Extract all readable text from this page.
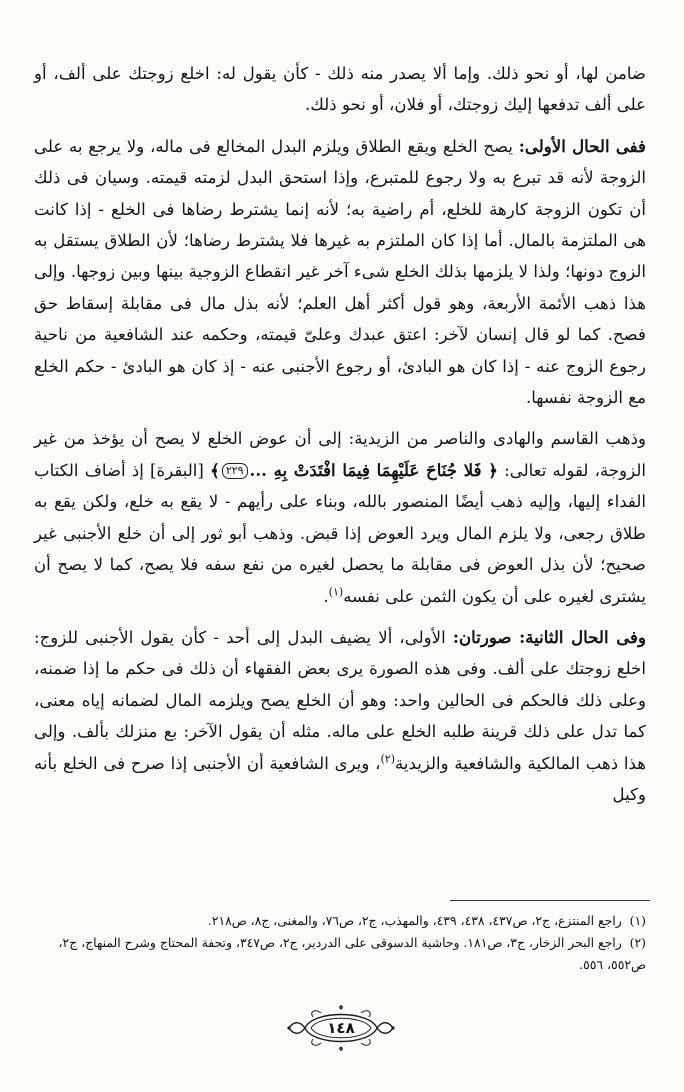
ضامن لها، أو نحو ذلك. وإما ألا يصدر منه ذلك - كأن يقول له: اخلع زوجتك على ألف، أو على ألف تدفعها إليك زوجتك، أو فلان، أو نحو ذلك.

ففى الحال الأولى: يصح الخلع ويقع الطلاق ويلزم البدل المخالع فى ماله، ولا يرجع به على الزوجة لأنه قد تبرع به ولا رجوع للمتبرع، وإذا استحق البدل لزمته قيمته. وسيان فى ذلك أن تكون الزوجة كارهة للخلع، أم راضية به؛ لأنه إنما يشترط رضاها فى الخلع - إذا كانت هى الملتزمة بالمال. أما إذا كان الملتزم به غيرها فلا يشترط رضاها؛ لأن الطلاق يستقل به الزوج دونها؛ ولذا لا يلزمها بذلك الخلع شىء آخر غير انقطاع الزوجية بينها وبين زوجها. وإلى هذا ذهب الأئمة الأربعة، وهو قول أكثر أهل العلم؛ لأنه بذل مال فى مقابلة إسقاط حق فصح. كما لو قال إنسان لآخر: اعتق عبدك وعلىّ قيمته، وحكمه عند الشافعية من ناحية رجوع الزوج عنه - إذا كان هو البادئ، أو رجوع الأجنبى عنه - إذ كان هو البادئ - حكم الخلع مع الزوجة نفسها.

وذهب القاسم والهادى والناصر من الزيدية: إلى أن عوض الخلع لا يصح أن يؤخذ من غير الزوجة، لقوله تعالى: ﴿ فَلا جُنَاحَ عَلَيْهِمَا فِيمَا افْتَدَتْ بِهِ ...٢٢٩﴾ [البقرة] إذ أضاف الكتاب الفداء إليها، وإليه ذهب أيضًا المنصور بالله، وبناء على رأيهم - لا يقع به خلع، ولكن يقع به طلاق رجعى، ولا يلزم المال ويرد العوض إذا قبض. وذهب أبو ثور إلى أن خلع الأجنبى غير صحيح؛ لأن بذل العوض فى مقابلة ما يحصل لغيره من نفع سفه فلا يصح، كما لا يصح أن يشترى لغيره على أن يكون الثمن على نفسه$^{(١)}$.

وفى الحال الثانية: صورتان: الأولى، ألا يضيف البدل إلى أحد - كأن يقول الأجنبى للزوج: اخلع زوجتك على ألف. وفى هذه الصورة يرى بعض الفقهاء أن ذلك فى حكم ما إذا ضمنه، وعلى ذلك فالحكم فى الحالين واحد: وهو أن الخلع يصح ويلزمه المال لضمانه إياه معنى، كما تدل على ذلك قرينة طلبه الخلع على ماله. مثله أن يقول الآخر: بع منزلك بألف. وإلى هذا ذهب المالكية والشافعية والزيدية$^{(٢)}$، ويرى الشافعية أن الأجنبى إذا صرح فى الخلع بأنه وكيل

(١) راجع المنتزع، ج٢، ص٤٣٧، ٤٣٨، ٤٣٩، والمهذب، ج٢، ص٧٦، والمغنى، ج٨، ص٢١٨.

(٢) راجع البحر الزخار، ج٣، ص١٨١. وحاشية الدسوقى على الدردير، ج٢، ص٣٤٧، وتحفة المحتاج وشرح المنهاج، ج٢، ص٥٥٢، ٥٥٦.

١٤٨
